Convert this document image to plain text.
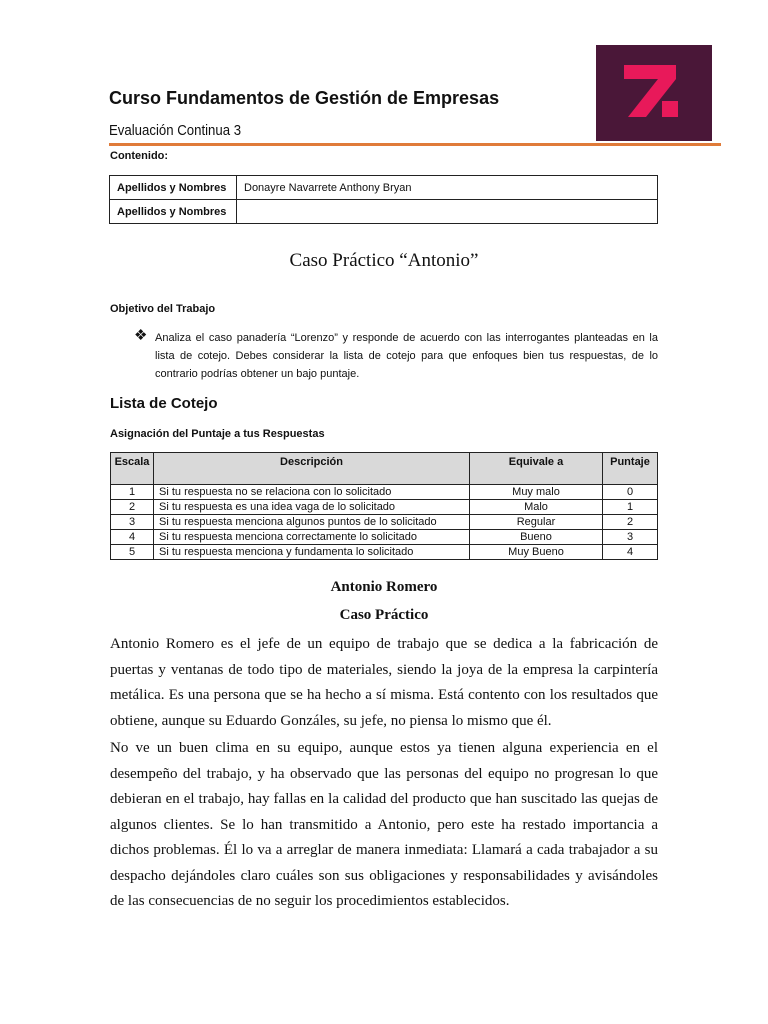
Curso Fundamentos de Gestión de Empresas
Evaluación Continua 3
Contenido:
Apellidos y Nombres	Donayre Navarrete Anthony Bryan
Apellidos y Nombres	
Caso Práctico “Antonio”
Objetivo del Trabajo
❖ Analiza el caso panadería “Lorenzo” y responde de acuerdo con las interrogantes planteadas en la lista de cotejo. Debes considerar la lista de cotejo para que enfoques bien tus respuestas, de lo contrario podrías obtener un bajo puntaje.
Lista de Cotejo
Asignación del Puntaje a tus Respuestas
Escala	Descripción	Equivale a	Puntaje
1	Si tu respuesta no se relaciona con lo solicitado	Muy malo	0
2	Si tu respuesta es una idea vaga de lo solicitado	Malo	1
3	Si tu respuesta menciona algunos puntos de lo solicitado	Regular	2
4	Si tu respuesta menciona correctamente lo solicitado	Bueno	3
5	Si tu respuesta menciona y fundamenta lo solicitado	Muy Bueno	4
Antonio Romero
Caso Práctico
Antonio Romero es el jefe de un equipo de trabajo que se dedica a la fabricación de puertas y ventanas de todo tipo de materiales, siendo la joya de la empresa la carpintería metálica. Es una persona que se ha hecho a sí misma. Está contento con los resultados que obtiene, aunque su Eduardo Gonzáles, su jefe, no piensa lo mismo que él.
No ve un buen clima en su equipo, aunque estos ya tienen alguna experiencia en el desempeño del trabajo, y ha observado que las personas del equipo no progresan lo que debieran en el trabajo, hay fallas en la calidad del producto que han suscitado las quejas de algunos clientes. Se lo han transmitido a Antonio, pero este ha restado importancia a dichos problemas. Él lo va a arreglar de manera inmediata: Llamará a cada trabajador a su despacho dejándoles claro cuáles son sus obligaciones y responsabilidades y avisándoles de las consecuencias de no seguir los procedimientos establecidos.
